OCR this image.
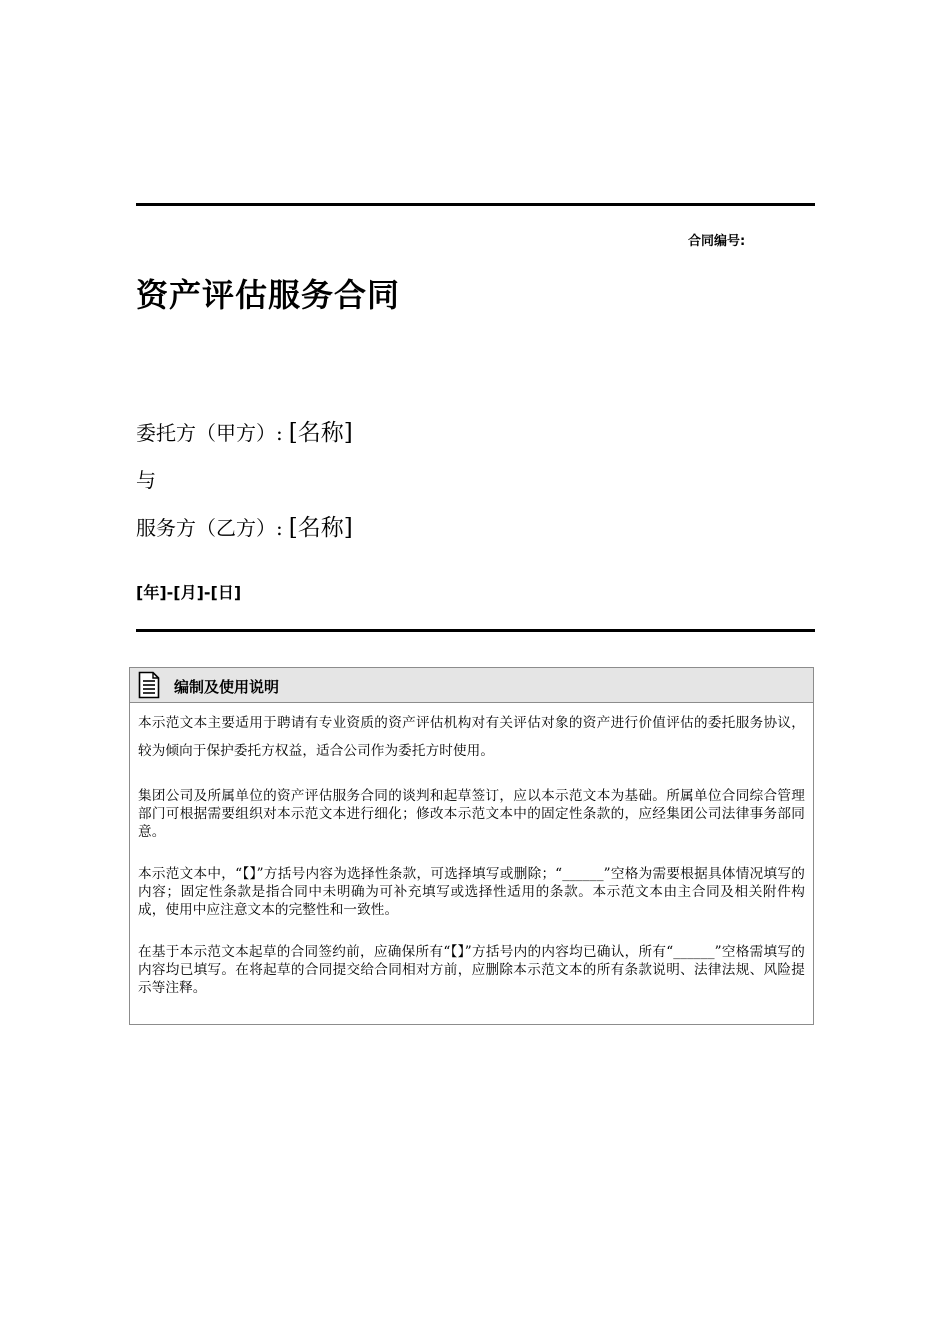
合同编号:
资产评估服务合同
委托方（甲方）: [名称]
与
服务方（乙方）: [名称]
[年]-[月]-[日]
编制及使用说明

本示范文本主要适用于聘请有专业资质的资产评估机构对有关评估对象的资产进行价值评估的委托服务协议，较为倾向于保护委托方权益，适合公司作为委托方时使用。

集团公司及所属单位的资产评估服务合同的谈判和起草签订，应以本示范文本为基础。所属单位合同综合管理部门可根据需要组织对本示范文本进行细化；修改本示范文本中的固定性条款的，应经集团公司法律事务部同意。

本示范文本中，“【】”方括号内容为选择性条款，可选择填写或删除；“______”空格为需要根据具体情况填写的内容；固定性条款是指合同中未明确为可补充填写或选择性适用的条款。本示范文本由主合同及相关附件构成，使用中应注意文本的完整性和一致性。

在基于本示范文本起草的合同签约前，应确保所有“【】”方括号内的内容均已确认，所有“______”空格需填写的内容均已填写。在将起草的合同提交给合同相对方前，应删除本示范文本的所有条款说明、法律法规、风险提示等注释。
